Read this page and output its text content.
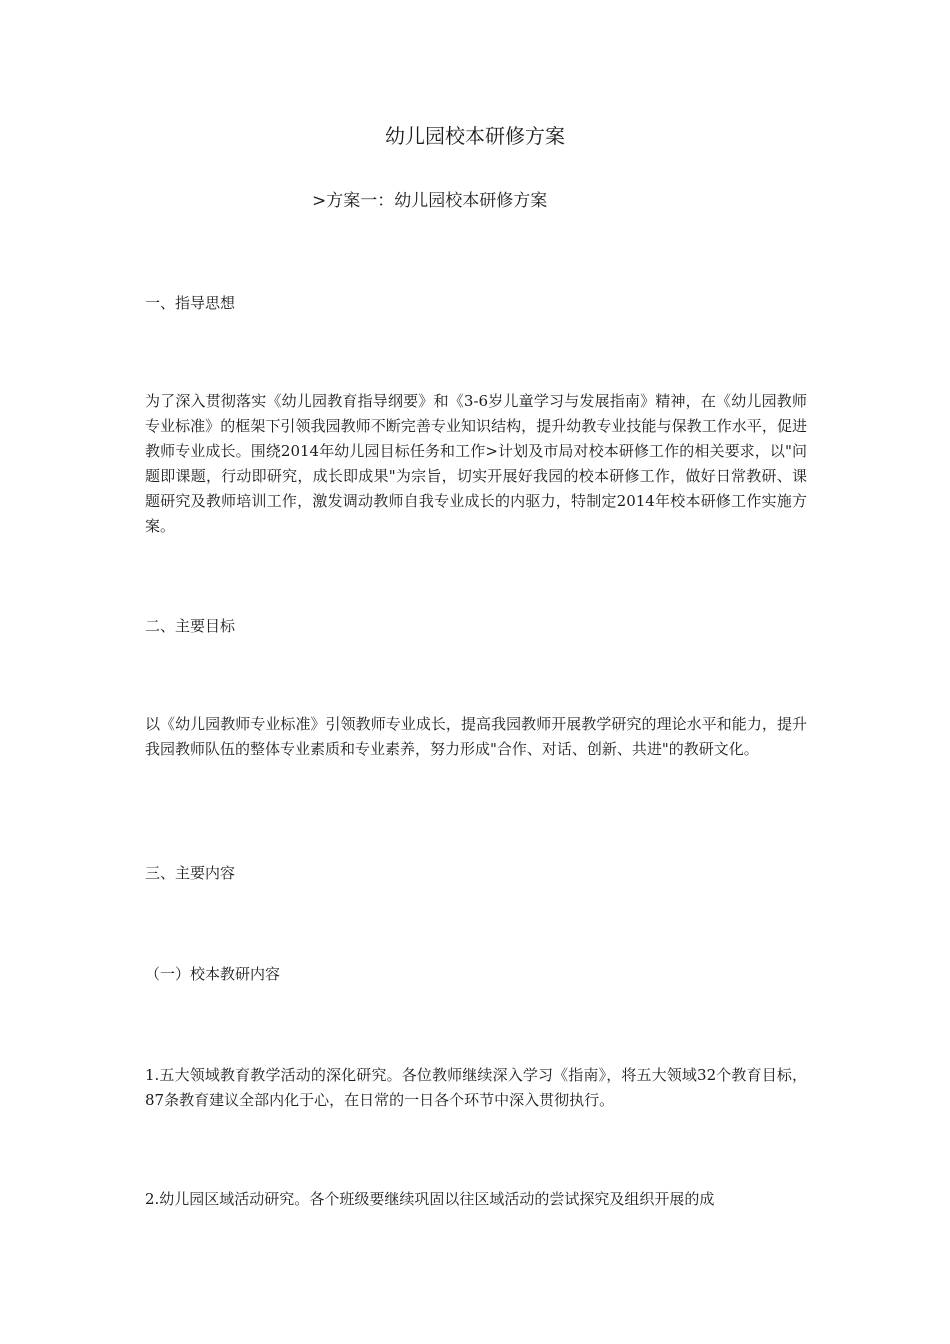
幼儿园校本研修方案
>方案一：幼儿园校本研修方案
一、指导思想
为了深入贯彻落实《幼儿园教育指导纲要》和《3-6岁儿童学习与发展指南》精神，在《幼儿园教师专业标准》的框架下引领我园教师不断完善专业知识结构，提升幼教专业技能与保教工作水平，促进教师专业成长。围绕2014年幼儿园目标任务和工作>计划及市局对校本研修工作的相关要求，以"问题即课题，行动即研究，成长即成果"为宗旨，切实开展好我园的校本研修工作，做好日常教研、课题研究及教师培训工作，激发调动教师自我专业成长的内驱力，特制定2014年校本研修工作实施方案。
二、主要目标
以《幼儿园教师专业标准》引领教师专业成长，提高我园教师开展教学研究的理论水平和能力，提升我园教师队伍的整体专业素质和专业素养，努力形成"合作、对话、创新、共进"的教研文化。
三、主要内容
（一）校本教研内容
1.五大领域教育教学活动的深化研究。各位教师继续深入学习《指南》，将五大领域32个教育目标，87条教育建议全部内化于心，在日常的一日各个环节中深入贯彻执行。
2.幼儿园区域活动研究。各个班级要继续巩固以往区域活动的尝试探究及组织开展的成
